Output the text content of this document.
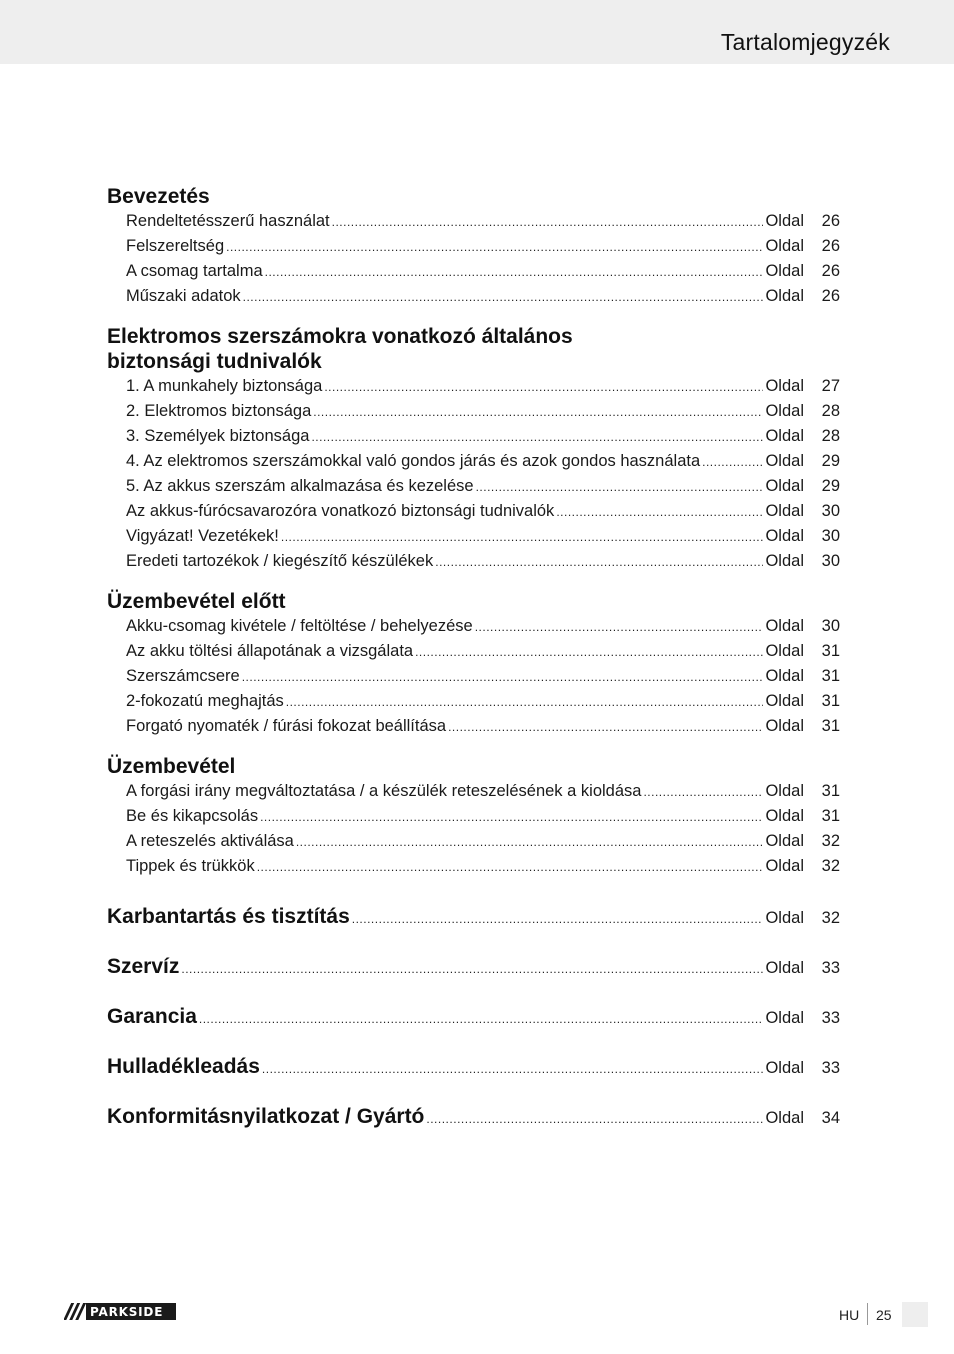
Tartalomjegyzék
Bevezetés
Rendeltetésszerű használat .....	Oldal	26
Felszereltség .....	Oldal	26
A csomag tartalma .....	Oldal	26
Műszaki adatok .....	Oldal	26
Elektromos szerszámokra vonatkozó általános
biztonsági tudnivalók
1. A munkahely biztonsága .....	Oldal	27
2. Elektromos biztonsága .....	Oldal	28
3. Személyek biztonsága .....	Oldal	28
4. Az elektromos szerszámokkal való gondos járás és azok gondos használata .....	Oldal	29
5. Az akkus szerszám alkalmazása és kezelése .....	Oldal	29
Az akkus-fúrócsavarozóra vonatkozó biztonsági tudnivalók .....	Oldal	30
Vigyázat! Vezetékek! .....	Oldal	30
Eredeti tartozékok / kiegészítő készülékek .....	Oldal	30
Üzembevétel előtt
Akku-csomag kivétele / feltöltése / behelyezése .....	Oldal	30
Az akku töltési állapotának a vizsgálata .....	Oldal	31
Szerszámcsere .....	Oldal	31
2-fokozatú meghajtás .....	Oldal	31
Forgató nyomaték / fúrási fokozat beállítása .....	Oldal	31
Üzembevétel
A forgási irány megváltoztatása / a készülék reteszelésének a kioldása .....	Oldal	31
Be és kikapcsolás .....	Oldal	31
A reteszelés aktiválása .....	Oldal	32
Tippek és trükkök .....	Oldal	32
Karbantartás és tisztítás .....	Oldal	32
Szervíz .....	Oldal	33
Garancia .....	Oldal	33
Hulladékleadás .....	Oldal	33
Konformitásnyilatkozat / Gyártó .....	Oldal	34
PARKSIDE	HU 25
